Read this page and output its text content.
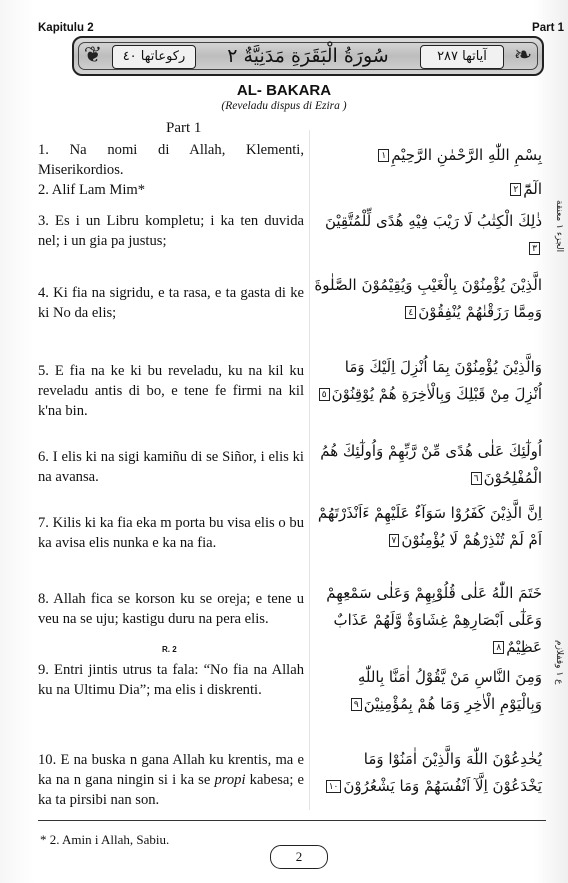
Kapitulu 2	Part 1
❦	ركوعاتها ٤٠	سُورَةُ الْبَقَرَةِ مَدَنِيَّةٌ ٢	آياتها ٢٨٧	❧
AL- BAKARA
(Reveladu dispus di Ezira )
Part 1
1. Na nomi di Allah, Klementi, Miserikordios.
2. Alif Lam Mim*
3. Es i un Libru kompletu; i ka ten duvida nel; i un gia pa justus;
4. Ki fia na sigridu, e ta rasa, e ta gasta di ke ki No da elis;
5. E fia na ke ki bu reveladu, ku na kil ku reveladu antis di bo, e tene fe firmi na kil k'na bin.
6. I elis ki na sigi kamiñu di se Siñor, i elis ki na avansa.
7. Kilis ki ka fia eka m porta bu visa elis o bu ka avisa elis nunka e ka na fia.
8. Allah fica se korson ku se oreja; e tene u veu na se uju; kastigu duru na pera elis.
R. 2
9. Entri jintis utrus ta fala: “No fia na Allah ku na Ultimu Dia”; ma elis i diskrenti.
10. E na buska n gana Allah ku krentis, ma e ka na n gana ningin si i ka se propi kabesa; e ka ta pirsibi nan son.
بِسْمِ اللّٰهِ الرَّحْمٰنِ الرَّحِيْمِ١
الٓمّٓ٢
ذٰلِكَ الْكِتٰبُ لَا رَيْبَ فِيْهِ هُدًى لِّلْمُتَّقِيْنَ٣
الَّذِيْنَ يُؤْمِنُوْنَ بِالْغَيْبِ وَيُقِيْمُوْنَ الصَّلٰوةَ وَمِمَّا رَزَقْنٰهُمْ يُنْفِقُوْنَ٤
وَالَّذِيْنَ يُؤْمِنُوْنَ بِمَا اُنْزِلَ اِلَيْكَ وَمَا اُنْزِلَ مِنْ قَبْلِكَ وَبِالْاٰخِرَةِ هُمْ يُوْقِنُوْنَ٥
اُولٰٓئِكَ عَلٰى هُدًى مِّنْ رَّبِّهِمْ وَاُولٰٓئِكَ هُمُ الْمُفْلِحُوْنَ٦
اِنَّ الَّذِيْنَ كَفَرُوْا سَوَآءٌ عَلَيْهِمْ ءَاَنْذَرْتَهُمْ اَمْ لَمْ تُنْذِرْهُمْ لَا يُؤْمِنُوْنَ٧
خَتَمَ اللّٰهُ عَلٰى قُلُوْبِهِمْ وَعَلٰى سَمْعِهِمْ وَعَلٰٓى اَبْصَارِهِمْ غِشَاوَةٌ وَّلَهُمْ عَذَابٌ عَظِيْمٌ٨
وَمِنَ النَّاسِ مَنْ يَّقُوْلُ اٰمَنَّا بِاللّٰهِ وَبِالْيَوْمِ الْاٰخِرِ وَمَا هُمْ بِمُؤْمِنِيْنَ٩
يُخٰدِعُوْنَ اللّٰهَ وَالَّذِيْنَ اٰمَنُوْا وَمَا يَخْدَعُوْنَ اِلَّآ اَنْفُسَهُمْ وَمَا يَشْعُرُوْنَ١٠
الجزء ١ معنقة
ع ١ وقفلازم
* 2. Amin i Allah, Sabiu.
2
